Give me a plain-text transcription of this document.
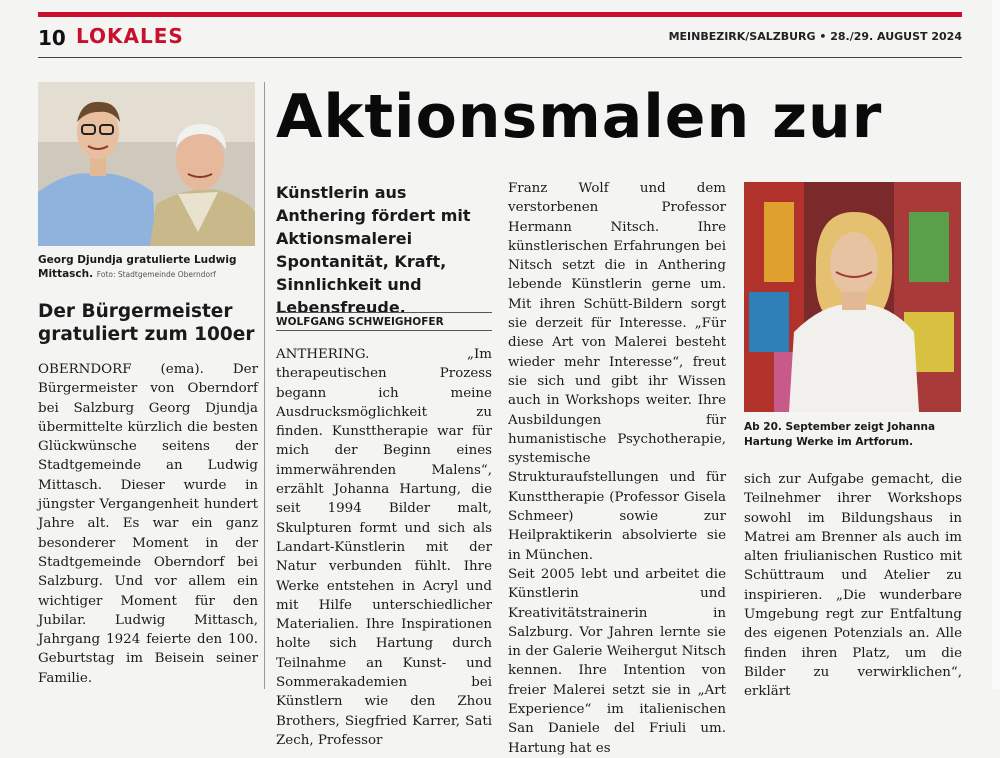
10 LOKALES	MEINBEZIRK/SALZBURG • 28./29. AUGUST 2024
Georg Djundja gratulierte Ludwig Mittasch. Foto: Stadtgemeinde Oberndorf
Der Bürgermeister gratuliert zum 100er

OBERNDORF (ema). Der Bürgermeister von Oberndorf bei Salzburg Georg Djundja übermittelte kürzlich die besten Glückwünsche seitens der Stadtgemeinde an Ludwig Mittasch. Dieser wurde in jüngster Vergangenheit hundert Jahre alt. Es war ein ganz besonderer Moment in der Stadtgemeinde Oberndorf bei Salzburg. Und vor allem ein wichtiger Moment für den Jubilar. Ludwig Mittasch, Jahrgang 1924 feierte den 100. Geburtstag im Beisein seiner Familie.

Aktionsmalen zur
Künstlerin aus Anthering fördert mit Aktionsmalerei Spontanität, Kraft, Sinnlichkeit und Lebensfreude.
WOLFGANG SCHWEIGHOFER

ANTHERING. „Im therapeutischen Prozess begann ich meine Ausdrucksmöglichkeit zu finden. Kunsttherapie war für mich der Beginn eines immerwährenden Malens“, erzählt Johanna Hartung, die seit 1994 Bilder malt, Skulpturen formt und sich als Landart-Künstlerin mit der Natur verbunden fühlt. Ihre Werke entstehen in Acryl und mit Hilfe unterschiedlicher Materialien. Ihre Inspirationen holte sich Hartung durch Teilnahme an Kunst- und Sommerakademien bei Künstlern wie den Zhou Brothers, Siegfried Karrer, Sati Zech, Professor

Franz Wolf und dem verstorbenen Professor Hermann Nitsch. Ihre künstlerischen Erfahrungen bei Nitsch setzt die in Anthering lebende Künstlerin gerne um. Mit ihren Schütt-Bildern sorgt sie derzeit für Interesse. „Für diese Art von Malerei besteht wieder mehr Interesse“, freut sie sich und gibt ihr Wissen auch in Workshops weiter. Ihre Ausbildungen für humanistische Psychotherapie, systemische Strukturaufstellungen und für Kunsttherapie (Professor Gisela Schmeer) sowie zur Heilpraktikerin absolvierte sie in München.

Seit 2005 lebt und arbeitet die Künstlerin und Kreativitätstrainerin in Salzburg. Vor Jahren lernte sie in der Galerie Weihergut Nitsch kennen. Ihre Intention von freier Malerei setzt sie in „Art Experience“ im italienischen San Daniele del Friuli um. Hartung hat es

Ab 20. September zeigt Johanna Hartung Werke im Artforum.

sich zur Aufgabe gemacht, die Teilnehmer ihrer Workshops sowohl im Bildungshaus in Matrei am Brenner als auch im alten friulianischen Rustico mit Schüttraum und Atelier zu inspirieren. „Die wunderbare Umgebung regt zur Entfaltung des eigenen Potenzials an. Alle finden ihren Platz, um die Bilder zu verwirklichen“, erklärt
